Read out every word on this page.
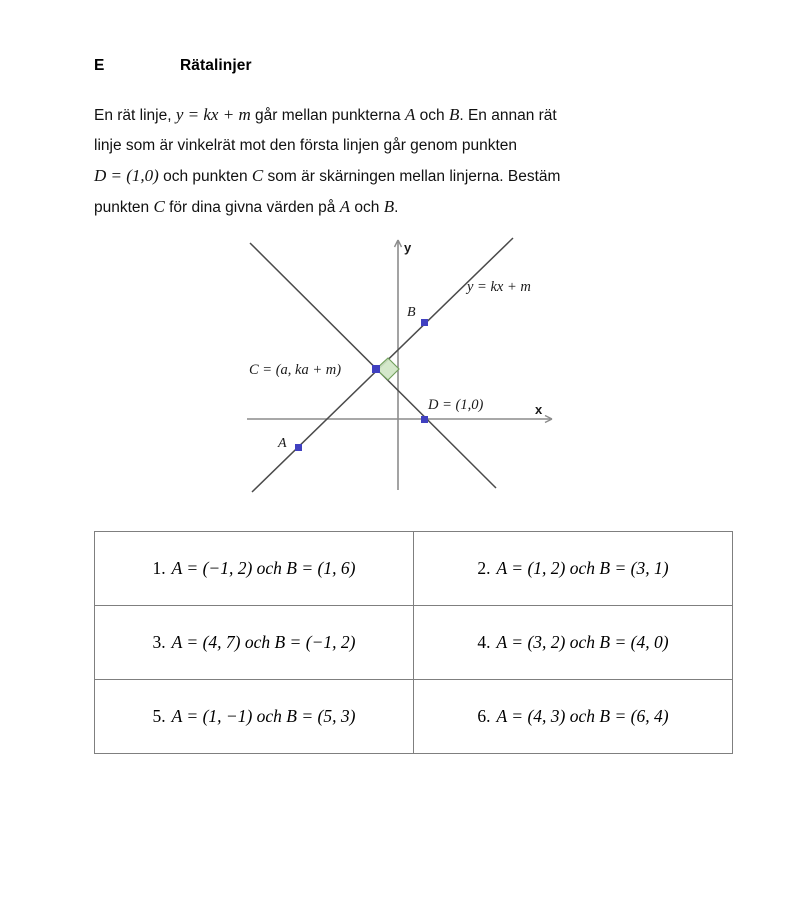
E	Rätalinjer
En rät linje, y = kx + m går mellan punkterna A och B. En annan rät
linje som är vinkelrät mot den första linjen går genom punkten
D = (1,0) och punkten C som är skärningen mellan linjerna. Bestäm
punkten C för dina givna värden på A och B.
y
x
A
B
C = (a, ka + m)
D = (1,0)
y = kx + m
1. A = (−1, 2) och B = (1, 6)	2. A = (1, 2) och B = (3, 1)
3. A = (4, 7) och B = (−1, 2)	4. A = (3, 2) och B = (4, 0)
5. A = (1, −1) och B = (5, 3)	6. A = (4, 3) och B = (6, 4)
